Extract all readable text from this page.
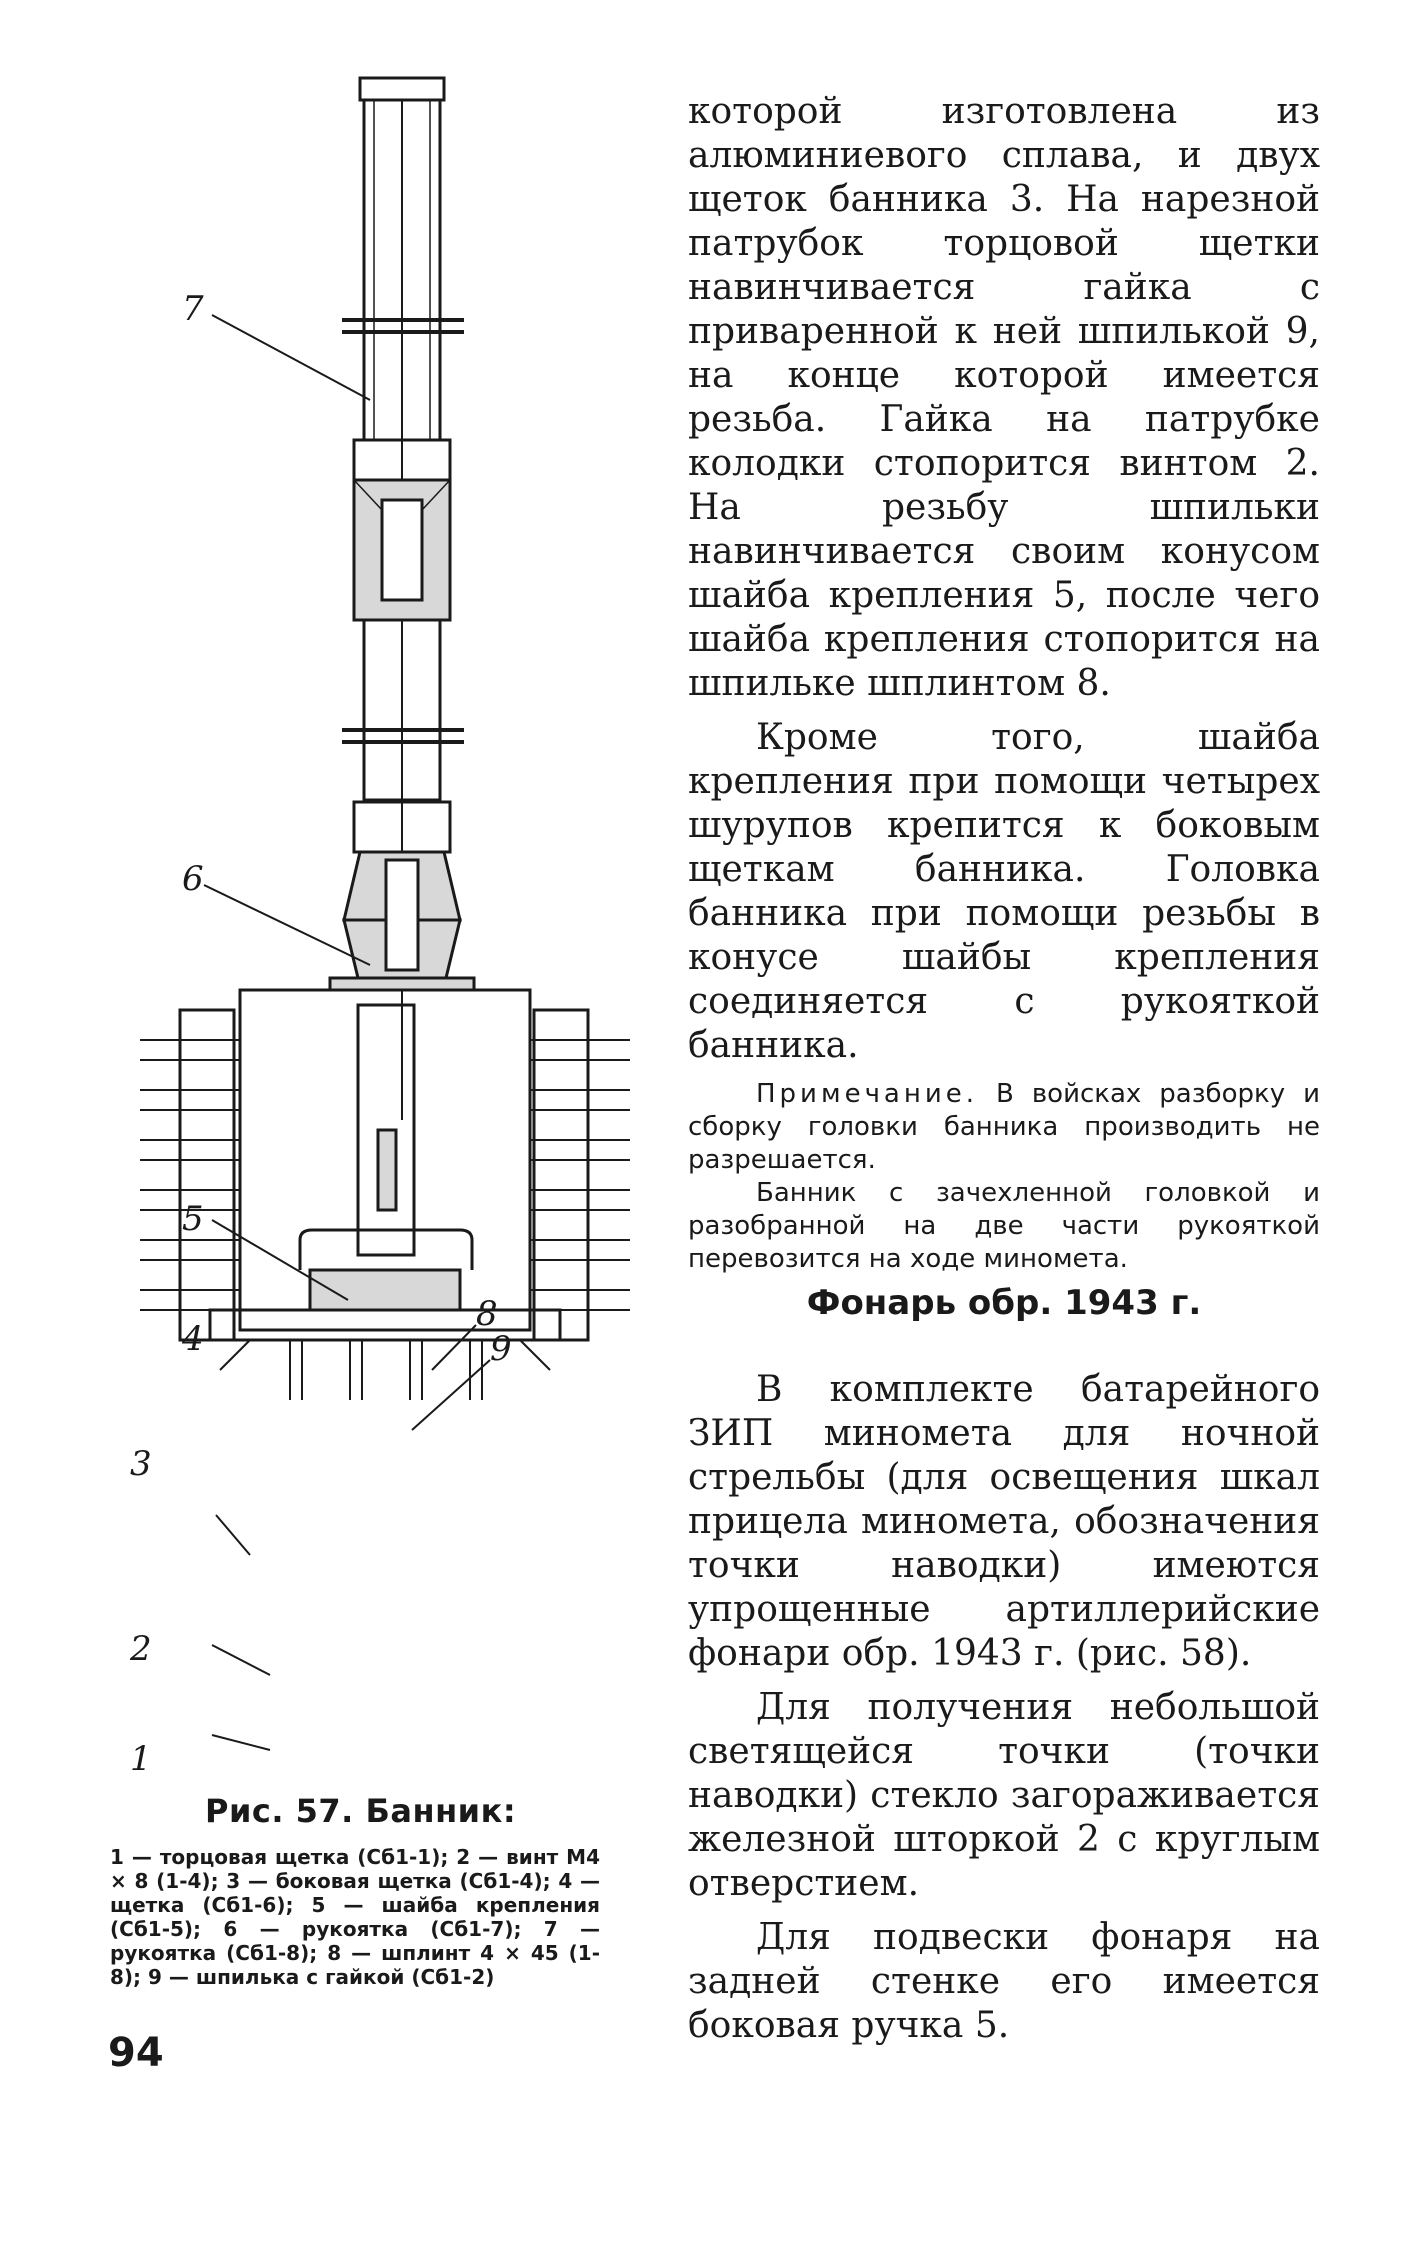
7
6
5
8
4	9
3
2
1
Рис. 57. Банник:
1 — торцовая щетка (Сб1-1); 2 — винт М4 × 8 (1-4); 3 — боковая щетка (Сб1-4); 4 — щетка (Сб1-6); 5 — шайба крепления (Сб1-5); 6 — рукоятка (Сб1-7); 7 — рукоятка (Сб1-8); 8 — шплинт 4 × 45 (1-8); 9 — шпилька с гайкой (Сб1-2)
94

которой изготовлена из алюминиевого сплава, и двух щеток банника 3. На нарезной патрубок торцовой щетки навинчивается гайка с приваренной к ней шпилькой 9, на конце которой имеется резьба. Гайка на патрубке колодки стопорится винтом 2. На резьбу шпильки навинчивается своим конусом шайба крепления 5, после чего шайба крепления стопорится на шпильке шплинтом 8.

Кроме того, шайба крепления при помощи четырех шурупов крепится к боковым щеткам банника. Головка банника при помощи резьбы в конусе шайбы крепления соединяется с рукояткой банника.

Примечание. В войсках разборку и сборку головки банника производить не разрешается.

Банник с зачехленной головкой и разобранной на две части рукояткой перевозится на ходе миномета.

Фонарь обр. 1943 г.

В комплекте батарейного ЗИП миномета для ночной стрельбы (для освещения шкал прицела миномета, обозначения точки наводки) имеются упрощенные артиллерийские фонари обр. 1943 г. (рис. 58).

Для получения небольшой светящейся точки (точки наводки) стекло загораживается железной шторкой 2 с круглым отверстием.

Для подвески фонаря на задней стенке его имеется боковая ручка 5.
